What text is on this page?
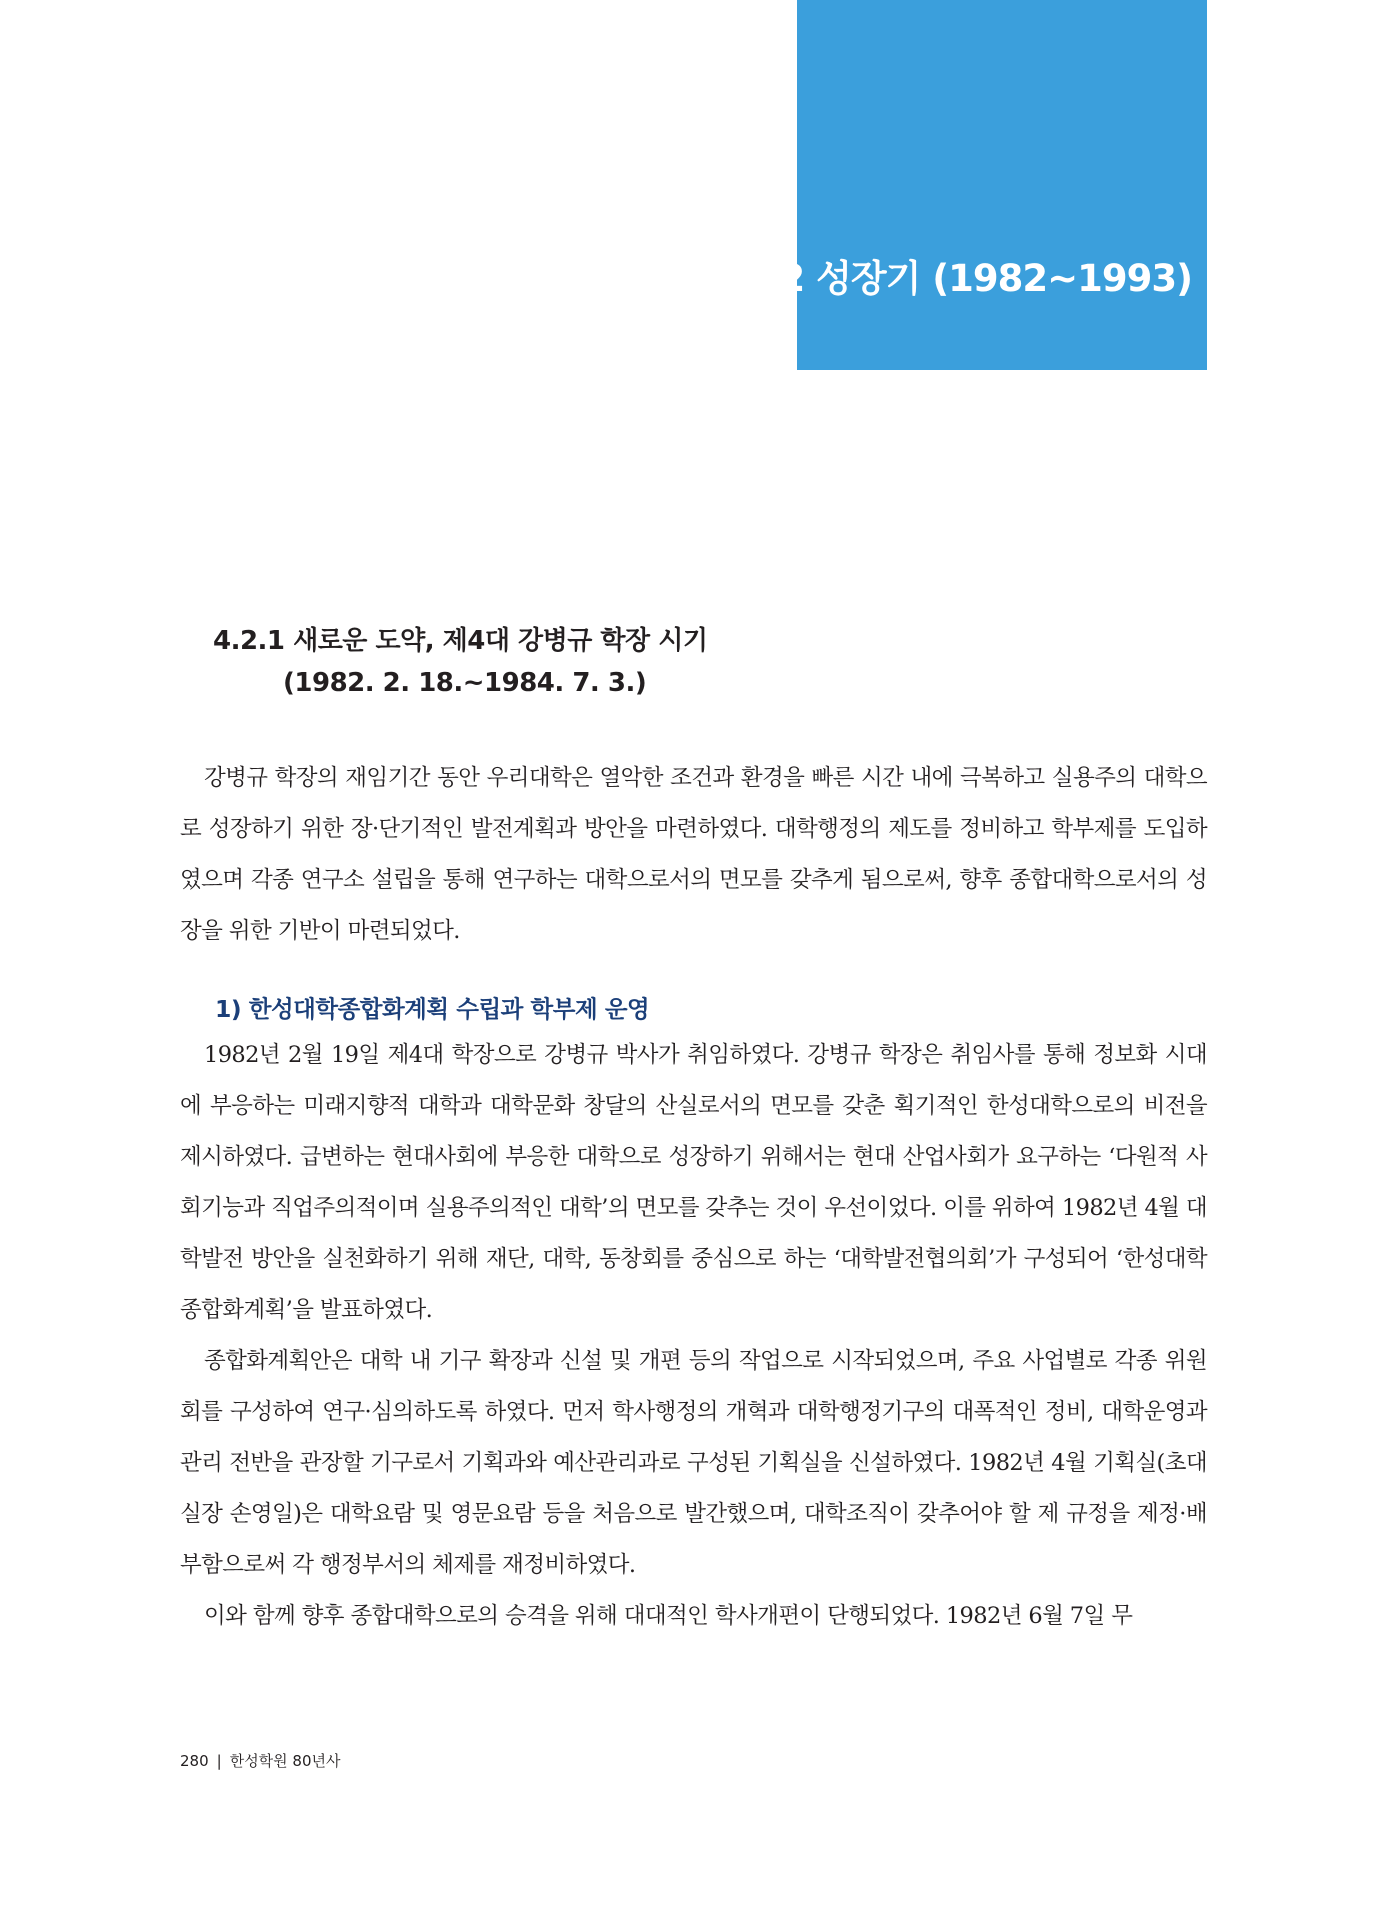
4.2 성장기 (1982~1993)
4.2.1 새로운 도약, 제4대 강병규 학장 시기
(1982. 2. 18.~1984. 7. 3.)

강병규 학장의 재임기간 동안 우리대학은 열악한 조건과 환경을 빠른 시간 내에 극복하고 실용주의 대학으로 성장하기 위한 장·단기적인 발전계획과 방안을 마련하였다. 대학행정의 제도를 정비하고 학부제를 도입하였으며 각종 연구소 설립을 통해 연구하는 대학으로서의 면모를 갖추게 됨으로써, 향후 종합대학으로서의 성장을 위한 기반이 마련되었다.

1) 한성대학종합화계획 수립과 학부제 운영

1982년 2월 19일 제4대 학장으로 강병규 박사가 취임하였다. 강병규 학장은 취임사를 통해 정보화 시대에 부응하는 미래지향적 대학과 대학문화 창달의 산실로서의 면모를 갖춘 획기적인 한성대학으로의 비전을 제시하였다. 급변하는 현대사회에 부응한 대학으로 성장하기 위해서는 현대 산업사회가 요구하는 ‘다원적 사회기능과 직업주의적이며 실용주의적인 대학’의 면모를 갖추는 것이 우선이었다. 이를 위하여 1982년 4월 대학발전 방안을 실천화하기 위해 재단, 대학, 동창회를 중심으로 하는 ‘대학발전협의회’가 구성되어 ‘한성대학종합화계획’을 발표하였다.

종합화계획안은 대학 내 기구 확장과 신설 및 개편 등의 작업으로 시작되었으며, 주요 사업별로 각종 위원회를 구성하여 연구·심의하도록 하였다. 먼저 학사행정의 개혁과 대학행정기구의 대폭적인 정비, 대학운영과 관리 전반을 관장할 기구로서 기획과와 예산관리과로 구성된 기획실을 신설하였다. 1982년 4월 기획실(초대실장 손영일)은 대학요람 및 영문요람 등을 처음으로 발간했으며, 대학조직이 갖추어야 할 제 규정을 제정·배부함으로써 각 행정부서의 체제를 재정비하였다.

이와 함께 향후 종합대학으로의 승격을 위해 대대적인 학사개편이 단행되었다. 1982년 6월 7일 무

280 | 한성학원 80년사
